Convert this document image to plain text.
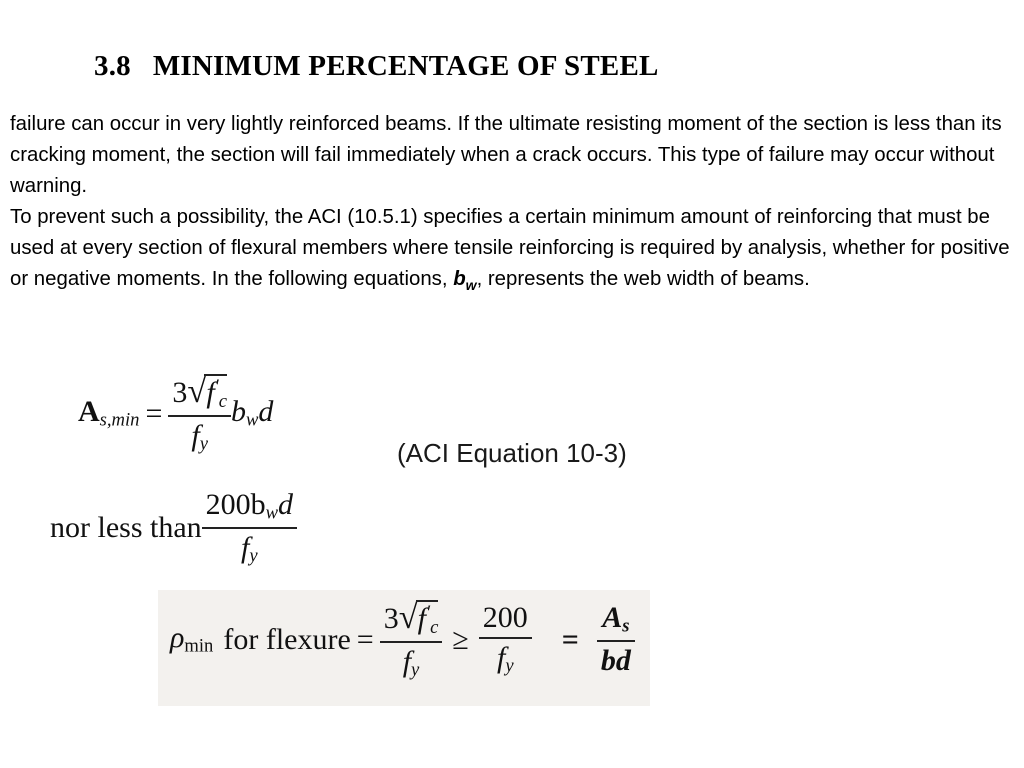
3.8 MINIMUM PERCENTAGE OF STEEL

failure can occur in very lightly reinforced beams. If the ultimate resisting moment of the section is less than its cracking moment, the section will fail immediately when a crack occurs. This type of failure may occur without warning.

To prevent such a possibility, the ACI (10.5.1) specifies a certain minimum amount of reinforcing that must be used at every section of flexural members where tensile reinforcing is required by analysis, whether for positive or negative moments. In the following equations, $b_w$, represents the web width of beams.

$A_{s,min} = \frac{3√f'_c}{f_y} b_wd$
(ACI Equation 10-3)
nor less than $\frac{200b_wd}{f_y}$
$\rho_{min}$ for flexure = $\frac{3√f'_c}{f_y} \ge \frac{200}{f_y} = \frac{A_s}{bd}$
